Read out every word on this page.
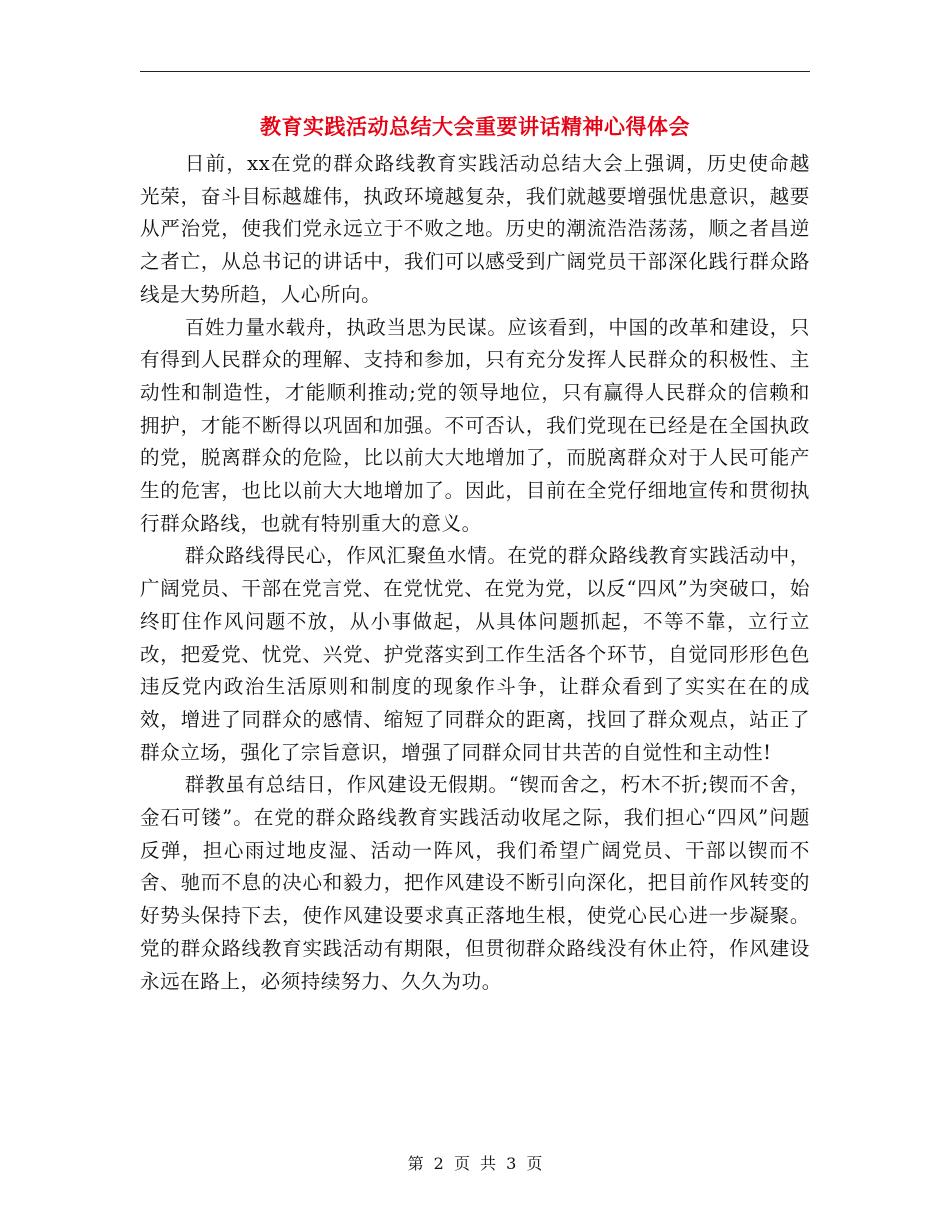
教育实践活动总结大会重要讲话精神心得体会

日前，xx在党的群众路线教育实践活动总结大会上强调，历史使命越光荣，奋斗目标越雄伟，执政环境越复杂，我们就越要增强忧患意识，越要从严治党，使我们党永远立于不败之地。历史的潮流浩浩荡荡，顺之者昌逆之者亡，从总书记的讲话中，我们可以感受到广阔党员干部深化践行群众路线是大势所趋，人心所向。

百姓力量水载舟，执政当思为民谋。应该看到，中国的改革和建设，只有得到人民群众的理解、支持和参加，只有充分发挥人民群众的积极性、主动性和制造性，才能顺利推动;党的领导地位，只有赢得人民群众的信赖和拥护，才能不断得以巩固和加强。不可否认，我们党现在已经是在全国执政的党，脱离群众的危险，比以前大大地增加了，而脱离群众对于人民可能产生的危害，也比以前大大地增加了。因此，目前在全党仔细地宣传和贯彻执行群众路线，也就有特别重大的意义。

群众路线得民心，作风汇聚鱼水情。在党的群众路线教育实践活动中，广阔党员、干部在党言党、在党忧党、在党为党，以反“四风”为突破口，始终盯住作风问题不放，从小事做起，从具体问题抓起，不等不靠，立行立改，把爱党、忧党、兴党、护党落实到工作生活各个环节，自觉同形形色色违反党内政治生活原则和制度的现象作斗争，让群众看到了实实在在的成效，增进了同群众的感情、缩短了同群众的距离，找回了群众观点，站正了群众立场，强化了宗旨意识，增强了同群众同甘共苦的自觉性和主动性!

群教虽有总结日，作风建设无假期。“锲而舍之，朽木不折;锲而不舍，金石可镂”。在党的群众路线教育实践活动收尾之际，我们担心“四风”问题反弹，担心雨过地皮湿、活动一阵风，我们希望广阔党员、干部以锲而不舍、驰而不息的决心和毅力，把作风建设不断引向深化，把目前作风转变的好势头保持下去，使作风建设要求真正落地生根，使党心民心进一步凝聚。党的群众路线教育实践活动有期限，但贯彻群众路线没有休止符，作风建设永远在路上，必须持续努力、久久为功。

第 2 页 共 3 页
